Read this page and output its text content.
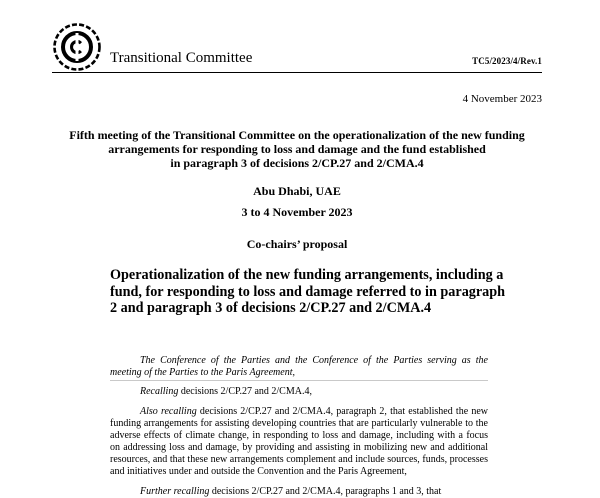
Transitional Committee	TC5/2023/4/Rev.1
4 November 2023
Fifth meeting of the Transitional Committee on the operationalization of the new funding
arrangements for responding to loss and damage and the fund established
in paragraph 3 of decisions 2/CP.27 and 2/CMA.4
Abu Dhabi, UAE
3 to 4 November 2023
Co-chairs’ proposal
Operationalization of the new funding arrangements, including a fund, for responding to loss and damage referred to in paragraph 2 and paragraph 3 of decisions 2/CP.27 and 2/CMA.4
The Conference of the Parties and the Conference of the Parties serving as the meeting of the Parties to the Paris Agreement,
Recalling decisions 2/CP.27 and 2/CMA.4,
Also recalling decisions 2/CP.27 and 2/CMA.4, paragraph 2, that established the new funding arrangements for assisting developing countries that are particularly vulnerable to the adverse effects of climate change, in responding to loss and damage, including with a focus on addressing loss and damage, by providing and assisting in mobilizing new and additional resources, and that these new arrangements complement and include sources, funds, processes and initiatives under and outside the Convention and the Paris Agreement,
Further recalling decisions 2/CP.27 and 2/CMA.4, paragraphs 1 and 3, that
